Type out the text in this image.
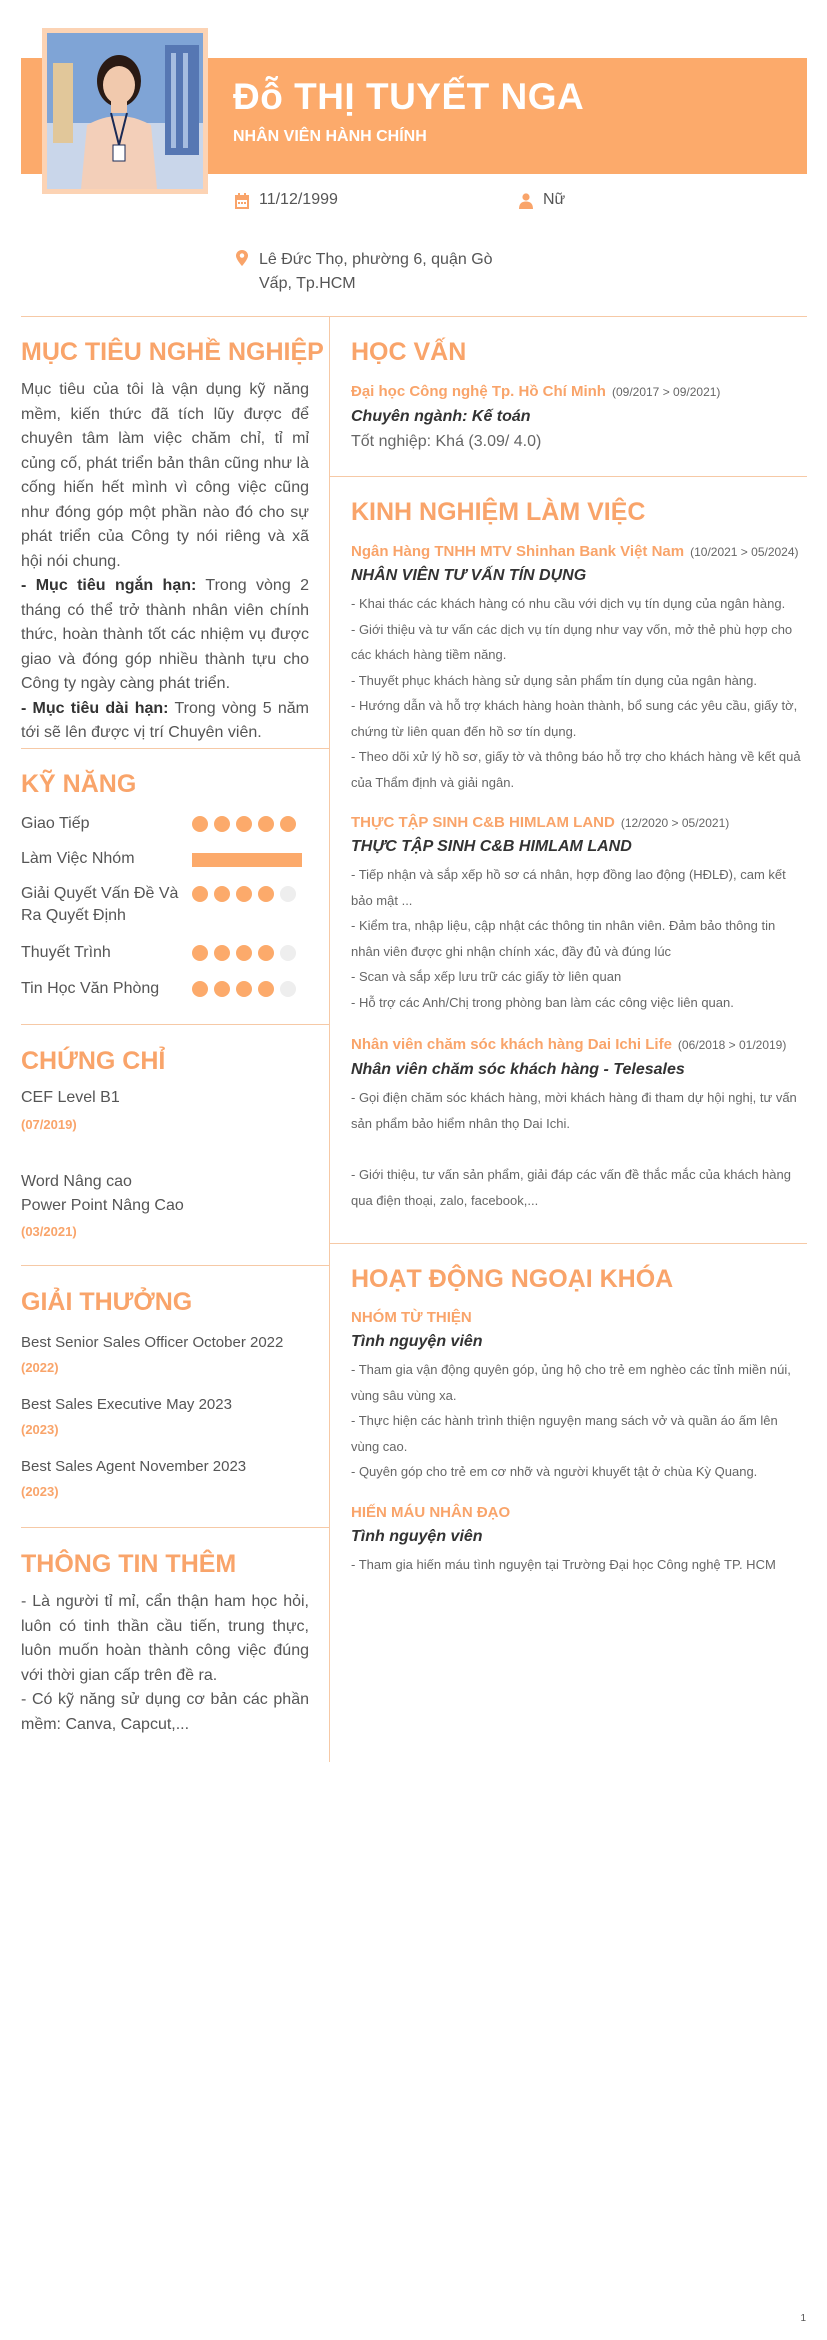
Đỗ THỊ TUYẾT NGA
NHÂN VIÊN HÀNH CHÍNH
11/12/1999	Nữ
Lê Đức Thọ, phường 6, quận Gò Vấp, Tp.HCM
MỤC TIÊU NGHỀ NGHIỆP
Mục tiêu của tôi là vận dụng kỹ năng mềm, kiến thức đã tích lũy được để chuyên tâm làm việc chăm chỉ, tỉ mỉ củng cố, phát triển bản thân cũng như là cống hiến hết mình vì công việc cũng như đóng góp một phần nào đó cho sự phát triển của Công ty nói riêng và xã hội nói chung.
- Mục tiêu ngắn hạn: Trong vòng 2 tháng có thể trở thành nhân viên chính thức, hoàn thành tốt các nhiệm vụ được giao và đóng góp nhiều thành tựu cho Công ty ngày càng phát triển.
- Mục tiêu dài hạn: Trong vòng 5 năm tới sẽ lên được vị trí Chuyên viên.
KỸ NĂNG
Giao Tiếp
Làm Việc Nhóm
Giải Quyết Vấn Đề Và Ra Quyết Định
Thuyết Trình
Tin Học Văn Phòng
CHỨNG CHỈ
CEF Level B1
(07/2019)
Word Nâng cao
Power Point Nâng Cao
(03/2021)
GIẢI THƯỞNG
Best Senior Sales Officer October 2022
(2022)
Best Sales Executive May 2023
(2023)
Best Sales Agent November 2023
(2023)
THÔNG TIN THÊM
- Là người tỉ mỉ, cẩn thận ham học hỏi, luôn có tinh thần cầu tiến, trung thực, luôn muốn hoàn thành công việc đúng với thời gian cấp trên đề ra.
- Có kỹ năng sử dụng cơ bản các phần mềm: Canva, Capcut,...
HỌC VẤN
Đại học Công nghệ Tp. Hồ Chí Minh (09/2017 > 09/2021)
Chuyên ngành: Kế toán
Tốt nghiệp: Khá (3.09/ 4.0)
KINH NGHIỆM LÀM VIỆC
Ngân Hàng TNHH MTV Shinhan Bank Việt Nam (10/2021 > 05/2024)
NHÂN VIÊN TƯ VẤN TÍN DỤNG
- Khai thác các khách hàng có nhu cầu với dịch vụ tín dụng của ngân hàng.
- Giới thiệu và tư vấn các dịch vụ tín dụng như vay vốn, mở thẻ phù hợp cho các khách hàng tiềm năng.
- Thuyết phục khách hàng sử dụng sản phẩm tín dụng của ngân hàng.
- Hướng dẫn và hỗ trợ khách hàng hoàn thành, bổ sung các yêu cầu, giấy tờ, chứng từ liên quan đến hồ sơ tín dụng.
- Theo dõi xử lý hồ sơ, giấy tờ và thông báo hỗ trợ cho khách hàng về kết quả của Thẩm định và giải ngân.
THỰC TẬP SINH C&B HIMLAM LAND (12/2020 > 05/2021)
THỰC TẬP SINH C&B HIMLAM LAND
- Tiếp nhận và sắp xếp hồ sơ cá nhân, hợp đồng lao động (HĐLĐ), cam kết bảo mật ...
- Kiểm tra, nhập liệu, cập nhật các thông tin nhân viên. Đảm bảo thông tin nhân viên được ghi nhận chính xác, đầy đủ và đúng lúc
- Scan và sắp xếp lưu trữ các giấy tờ liên quan
- Hỗ trợ các Anh/Chị trong phòng ban làm các công việc liên quan.
Nhân viên chăm sóc khách hàng Dai Ichi Life (06/2018 > 01/2019)
Nhân viên chăm sóc khách hàng - Telesales
- Gọi điện chăm sóc khách hàng, mời khách hàng đi tham dự hội nghị, tư vấn sản phẩm bảo hiểm nhân thọ Dai Ichi.
- Giới thiệu, tư vấn sản phẩm, giải đáp các vấn đề thắc mắc của khách hàng qua điện thoại, zalo, facebook,...
HOẠT ĐỘNG NGOẠI KHÓA
NHÓM TỪ THIỆN
Tình nguyện viên
- Tham gia vận động quyên góp, ủng hộ cho trẻ em nghèo các tỉnh miền núi, vùng sâu vùng xa.
- Thực hiện các hành trình thiện nguyện mang sách vở và quần áo ấm lên vùng cao.
- Quyên góp cho trẻ em cơ nhỡ và người khuyết tật ở chùa Kỳ Quang.
HIẾN MÁU NHÂN ĐẠO
Tình nguyện viên
- Tham gia hiến máu tình nguyện tại Trường Đại học Công nghệ TP. HCM
1
